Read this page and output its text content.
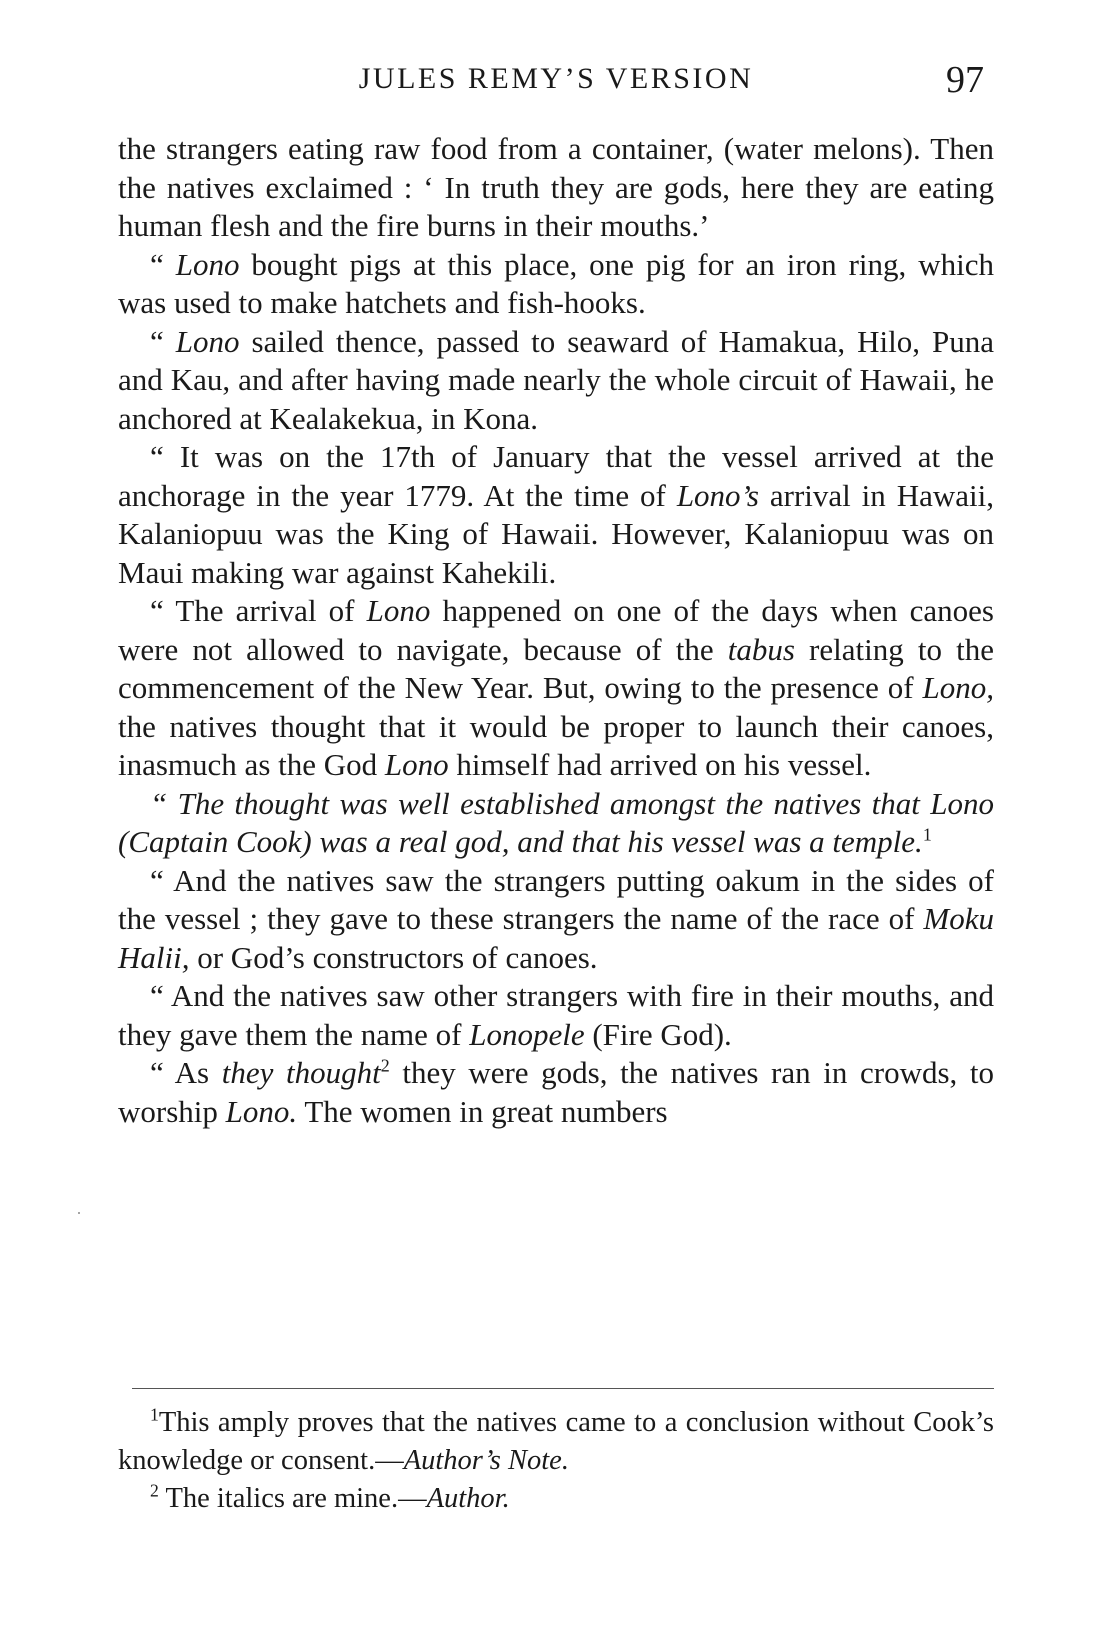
JULES REMY’S VERSION	97

the strangers eating raw food from a container, (water melons). Then the natives exclaimed : ‘ In truth they are gods, here they are eating human flesh and the fire burns in their mouths.’

“ Lono bought pigs at this place, one pig for an iron ring, which was used to make hatchets and fish-hooks.

“ Lono sailed thence, passed to seaward of Hamakua, Hilo, Puna and Kau, and after having made nearly the whole circuit of Hawaii, he anchored at Kealakekua, in Kona.

“ It was on the 17th of January that the vessel arrived at the anchorage in the year 1779. At the time of Lono’s arrival in Hawaii, Kalaniopuu was the King of Hawaii. However, Kalaniopuu was on Maui making war against Kahekili.

“ The arrival of Lono happened on one of the days when canoes were not allowed to navigate, because of the tabus relating to the commencement of the New Year. But, owing to the presence of Lono, the natives thought that it would be proper to launch their canoes, inasmuch as the God Lono himself had arrived on his vessel.

“ The thought was well established amongst the natives that Lono (Captain Cook) was a real god, and that his vessel was a temple.$^1$

“ And the natives saw the strangers putting oakum in the sides of the vessel ; they gave to these strangers the name of the race of Moku Halii, or God’s constructors of canoes.

“ And the natives saw other strangers with fire in their mouths, and they gave them the name of Lonopele (Fire God).

“ As they thought$^2$ they were gods, the natives ran in crowds, to worship Lono. The women in great numbers

$^1$This amply proves that the natives came to a conclusion without Cook’s knowledge or consent.—Author’s Note.

$^2$ The italics are mine.—Author.
